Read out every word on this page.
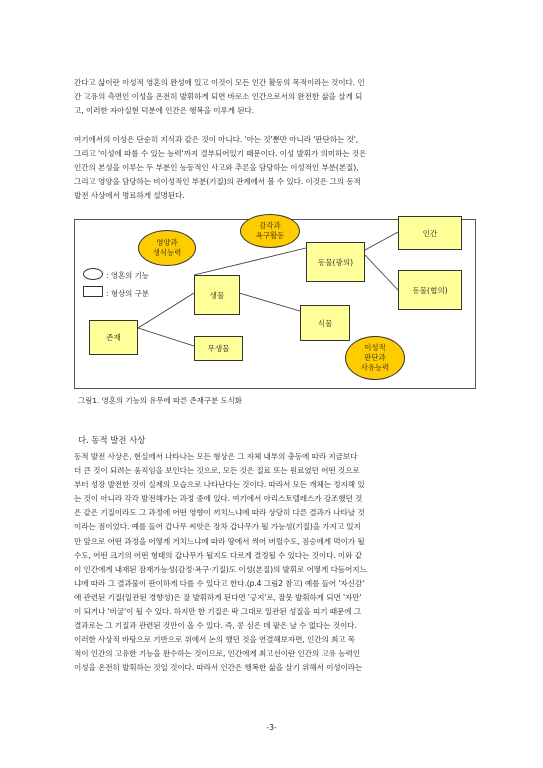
간다고 삶이란 이성적 영혼의 완성에 있고 이것이 모든 인간 활동의 목적이라는 것이다. 인
간 고유의 측면인 이성을 온전히 발휘하게 되면 바로소 인간으로서의 완전한 삶을 살게 되
고, 이러한 자아실현 덕분에 인간은 행복을 이루게 된다.
여기에서의 이성은 단순히 지식과 같은 것이 아니다. '아는 것'뿐만 아니라 '판단하는 것',
그리고 '이성에 따를 수 있는 능력'까지 결부되어있기 때문이다. 이성 발휘가 의미하는 것은
인간의 본성을 이루는 두 부분인 능동적인 사고와 추론을 담당하는 이성적인 부분(본질),
그리고 영양을 담당하는 비이성적인 부분(기질)의 관계에서 볼 수 있다. 이것은 그의 동적
발전 사상에서 명료하게 설명된다.
영양과
생식능력
감각과
욕구활동
이성적
판단과
사유능력
: 영혼의 기능
: 형상의 구분
존재
생물
무생물
동물(광의)
식물
인간
동물(협의)
그림1. 영혼의 기능의 유무에 따른 존재구분 도식화
다. 동적 발전 사상
동적 발전 사상은, 현실에서 나타나는 모든 형상은 그 자체 내부의 충동에 따라 지금보다
더 큰 것이 되려는 움직임을 보인다는 것으로, 모든 것은 질료 또는 원료였던 어떤 것으로
부터 성장 발전한 것이 실제의 모습으로 나타난다는 것이다. 따라서 모든 개체는 정지해 있
는 것이 아니라 각각 발전해가는 과정 중에 있다. 여기에서 아리스토텔레스가 강조했던 것
은 같은 기질이라도 그 과정에 어떤 영향이 끼치느냐에 따라 상당히 다른 결과가 나타날 것
이라는 점이었다. 예를 들어 갑나무 씨앗은 장차 갑나무가 될 가능성(기질)을 가지고 있지
만 앞으로 어떤 과정을 어떻게 거치느냐에 따라 땅에서 썩어 버릴수도, 짐승에게 먹이가 될
수도, 어떤 크기의 어떤 형태의 갑나무가 될지도 다르게 결정될 수 있다는 것이다. 이와 같
이 인간에게 내재된 잠재가능성(감정·욕구·기질)도 이성(본질)의 발휘로 어떻게 다듬어지느
냐에 따라 그 결과물이 판이하게 다를 수 있다고 한다.(p.4 그림2 참고) 예를 들어 '자신감'
에 관련된 기질(일관된 경향성)은 잘 발휘하게 된다면 '긍지'로, 잘못 발휘하게 되면 '자만'
이 되거나 '비굴'이 될 수 있다. 하지만 한 기질은 딱 그대로 일관된 성질을 띠기 때문에 그
결과로는 그 기질과 관련된 것만이 올 수 있다. 즉, 콩 심은 데 팥은 날 수 없다는 것이다.
이러한 사상적 바탕으로 기반으로 위에서 논의 했던 것을 연결해보자면, 인간의 최고 목
적이 인간의 고유한 기능을 완수하는 것이므로, 인간에게 최고선이란 인간의 고유 능력인
이성을 온전히 발휘하는 것일 것이다. 따라서 인간은 행복한 삶을 살기 위해서 이성이라는
-3-
